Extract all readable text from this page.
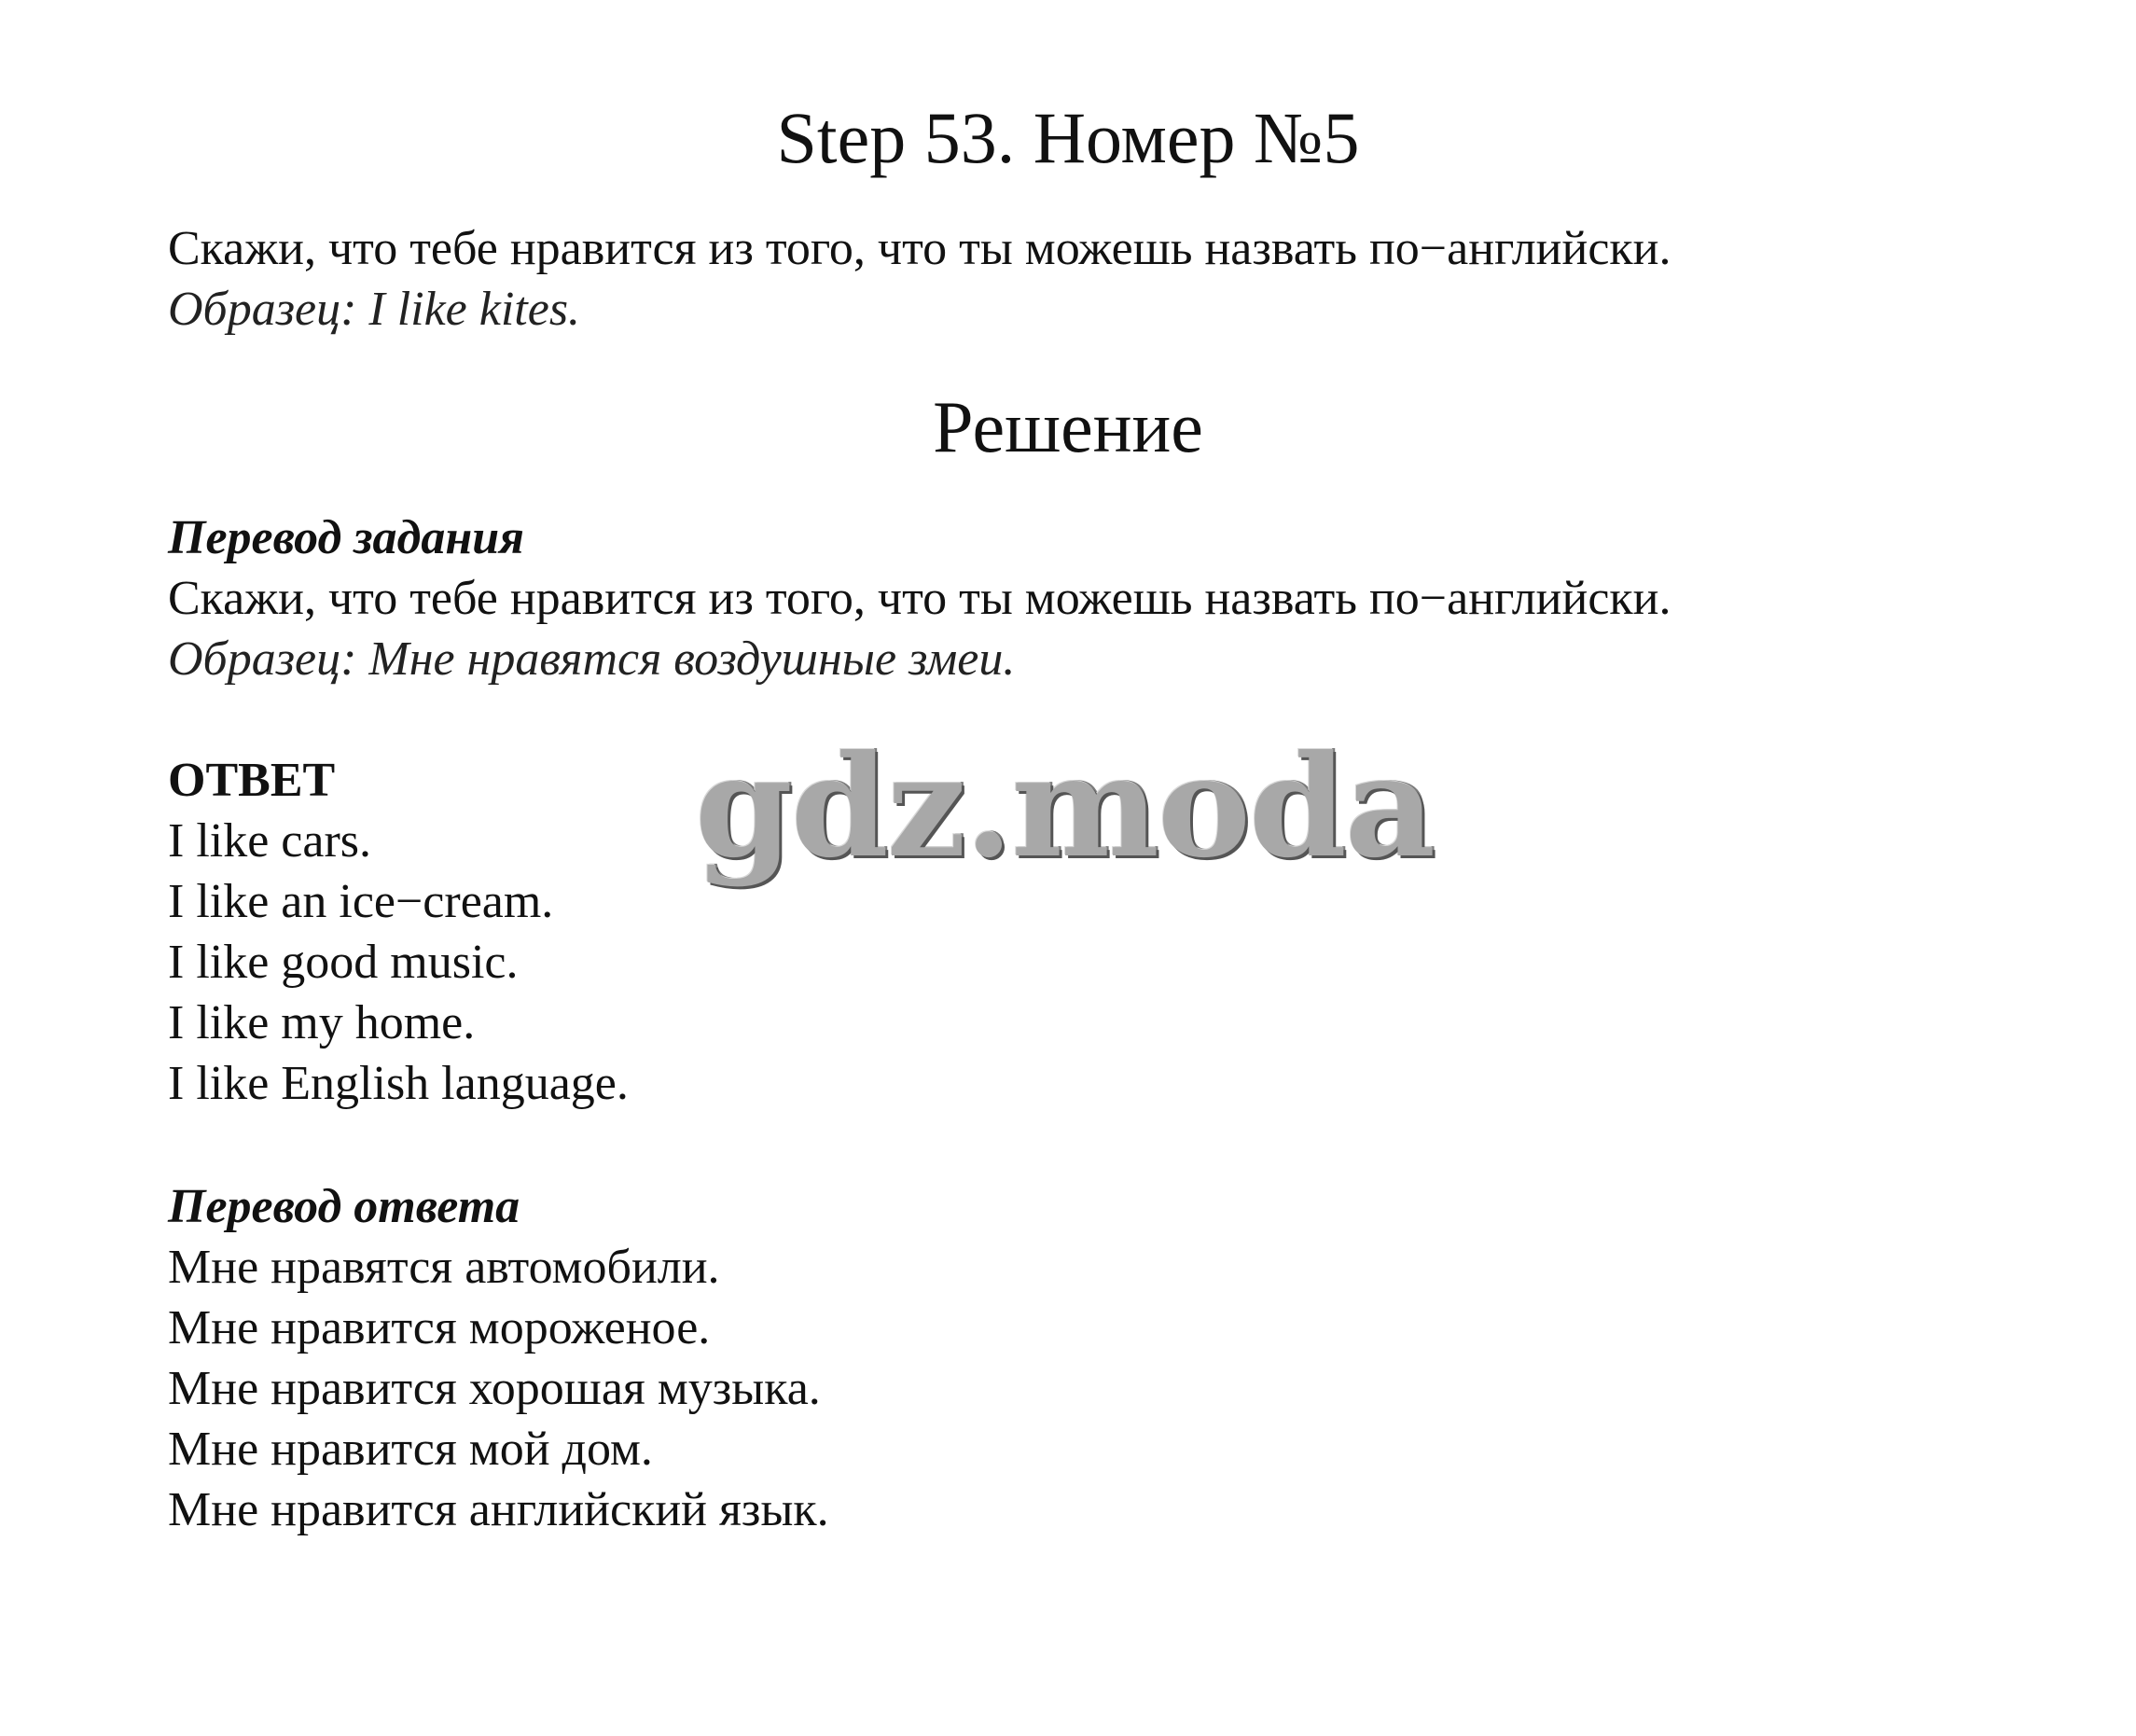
Step 53. Номер №5
Скажи, что тебе нравится из того, что ты можешь назвать по−английски.
Образец: I like kites.
Решение
Перевод задания
Скажи, что тебе нравится из того, что ты можешь назвать по−английски.
Образец: Мне нравятся воздушные змеи.
ОТВЕТ
I like cars.
I like an ice−cream.
I like good music.
I like my home.
I like English language.
Перевод ответа
Мне нравятся автомобили.
Мне нравится мороженое.
Мне нравится хорошая музыка.
Мне нравится мой дом.
Мне нравится английский язык.
gdz.moda
